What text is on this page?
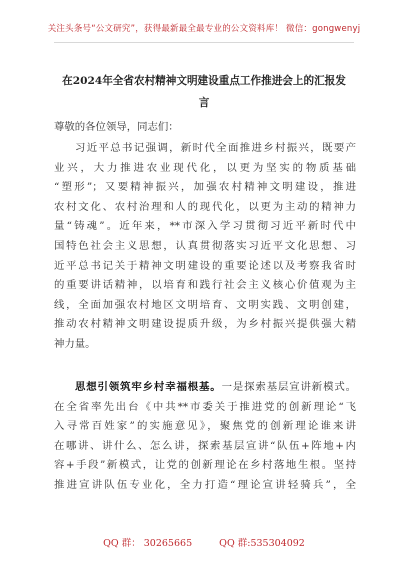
关注头条号“公文研究”，获得最新最全最专业的公文资料库！ 微信：gongwenyj
在2024年全省农村精神文明建设重点工作推进会上的汇报发
言
尊敬的各位领导，同志们：
习近平总书记强调，新时代全面推进乡村振兴，既要产
业兴，大力推进农业现代化，以更为坚实的物质基础
“塑形”；又要精神振兴，加强农村精神文明建设，推进
农村文化、农村治理和人的现代化，以更为主动的精神力
量“铸魂”。近年来，**市深入学习贯彻习近平新时代中
国特色社会主义思想，认真贯彻落实习近平文化思想、习
近平总书记关于精神文明建设的重要论述以及考察我省时
的重要讲话精神，以培育和践行社会主义核心价值观为主
线，全面加强农村地区文明培育、文明实践、文明创建，
推动农村精神文明建设提质升级，为乡村振兴提供强大精
神力量。
思想引领筑牢乡村幸福根基。一是探索基层宣讲新模式。
在全省率先出台《中共**市委关于推进党的创新理论“飞
入寻常百姓家”的实施意见》，聚焦党的创新理论谁来讲
在哪讲、讲什么、怎么讲，探索基层宣讲“队伍+阵地+内
容+手段”新模式，让党的创新理论在乡村落地生根。坚持
推进宣讲队伍专业化，全力打造“理论宣讲轻骑兵”，全
QQ 群： 30265665	QQ 群:535304092
